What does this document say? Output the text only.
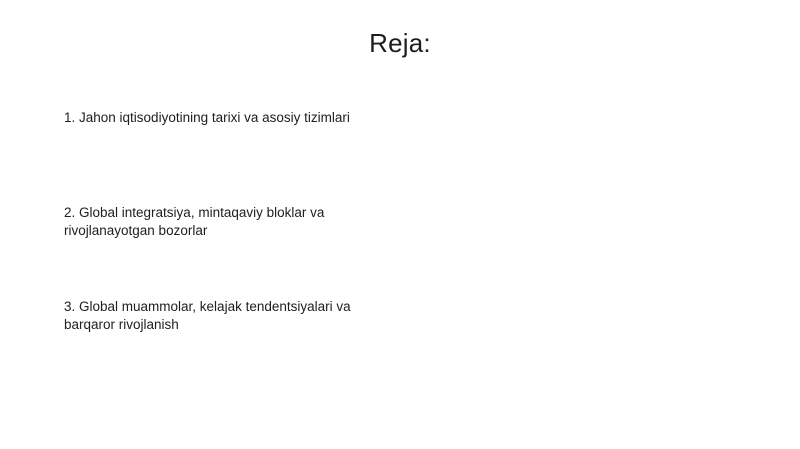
Reja:
1. Jahon iqtisodiyotining tarixi va asosiy tizimlari
2. Global integratsiya, mintaqaviy bloklar va rivojlanayotgan bozorlar
3. Global muammolar, kelajak tendentsiyalari va barqaror rivojlanish
